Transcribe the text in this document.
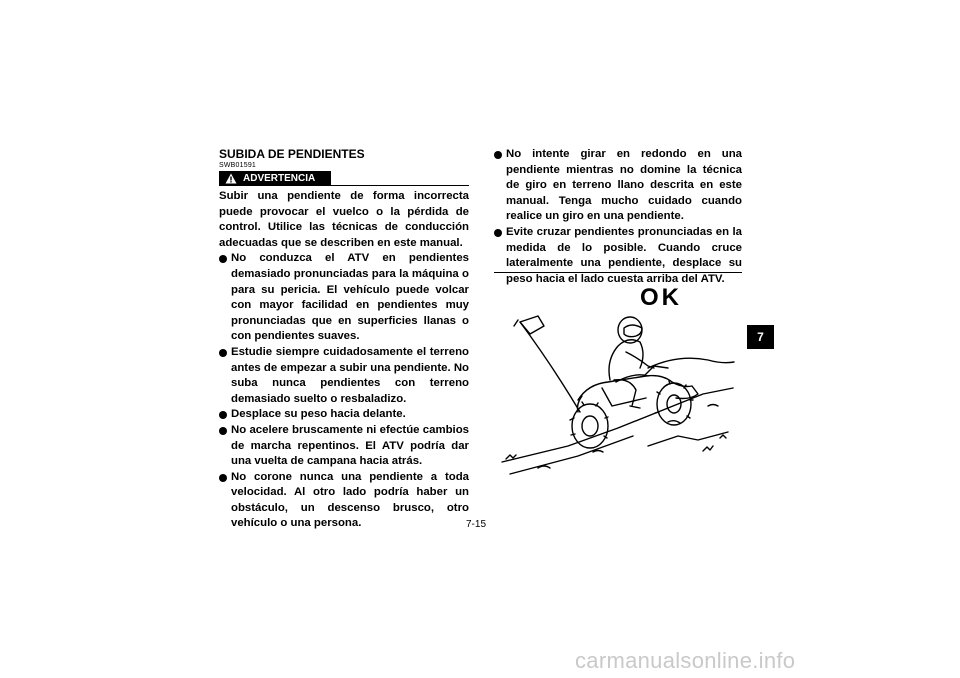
SUBIDA DE PENDIENTES
SWB01591
ADVERTENCIA

Subir una pendiente de forma incorrecta puede provocar el vuelco o la pérdida de control. Utilice las técnicas de conducción adecuadas que se describen en este manual.

No conduzca el ATV en pendientes demasiado pronunciadas para la máquina o para su pericia. El vehículo puede volcar con mayor facilidad en pendientes muy pronunciadas que en superficies llanas o con pendientes suaves.

Estudie siempre cuidadosamente el terreno antes de empezar a subir una pendiente. No suba nunca pendientes con terreno demasiado suelto o resbaladizo.

Desplace su peso hacia delante.

No acelere bruscamente ni efectúe cambios de marcha repentinos. El ATV podría dar una vuelta de campana hacia atrás.

No corone nunca una pendiente a toda velocidad. Al otro lado podría haber un obstáculo, un descenso brusco, otro vehículo o una persona.

No intente girar en redondo en una pendiente mientras no domine la técnica de giro en terreno llano descrita en este manual. Tenga mucho cuidado cuando realice un giro en una pendiente.

Evite cruzar pendientes pronunciadas en la medida de lo posible. Cuando cruce lateralmente una pendiente, desplace su peso hacia el lado cuesta arriba del ATV.

OK
7-15
7
carmanualsonline.info
